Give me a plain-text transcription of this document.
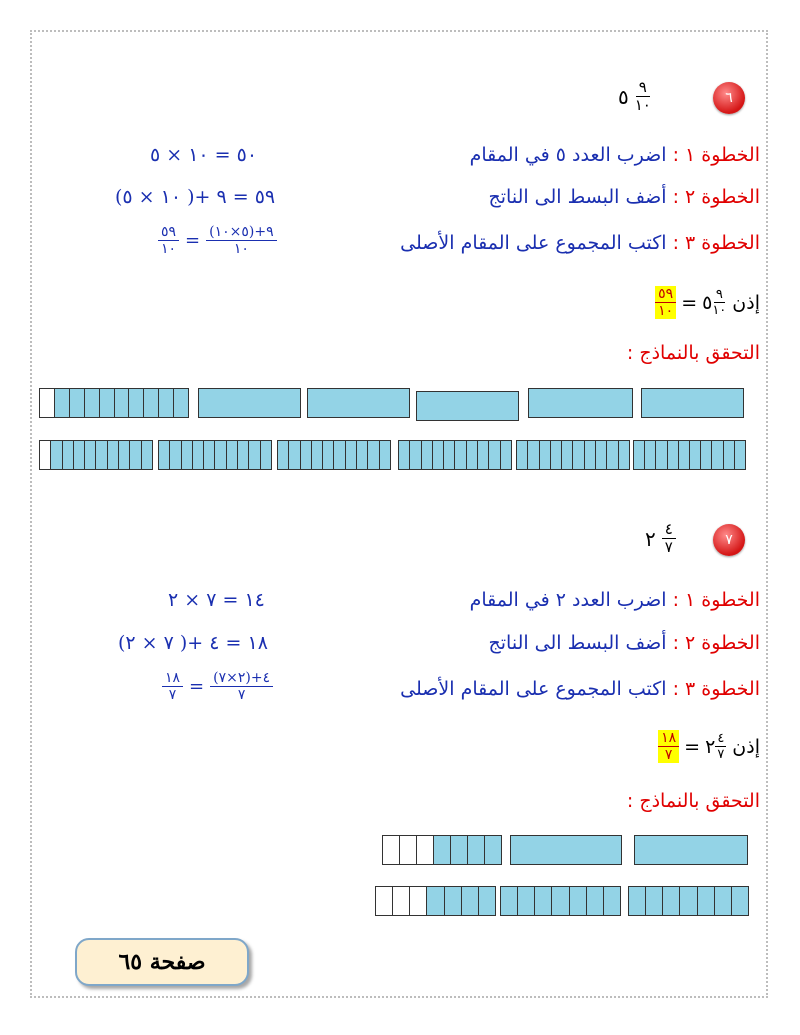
٦
٥ $\frac{٩}{١٠}$
الخطوة ١ : اضرب العدد ٥ في المقام
٥٠ = ١٠ × ٥
الخطوة ٢ : أضف البسط الى الناتج
٥٩ = ٩ +( ١٠ × ٥)
الخطوة ٣ : اكتب المجموع على المقام الأصلى
٥٩
١٠ = (٥×١٠)+٩
١٠
إذن
٥٩
١٠ = ٥ ٩
١٠
التحقق بالنماذج :
٧
٢ $\frac{٤}{٧}$
الخطوة ١ : اضرب العدد ٢ في المقام
١٤ = ٧ × ٢
الخطوة ٢ : أضف البسط الى الناتج
١٨ = ٤ +( ٧ × ٢)
الخطوة ٣ : اكتب المجموع على المقام الأصلى
١٨
٧ = (٢×٧)+٤
٧
إذن
١٨
٧ = ٢ ٤
٧
التحقق بالنماذج :
صفحة ٦٥
